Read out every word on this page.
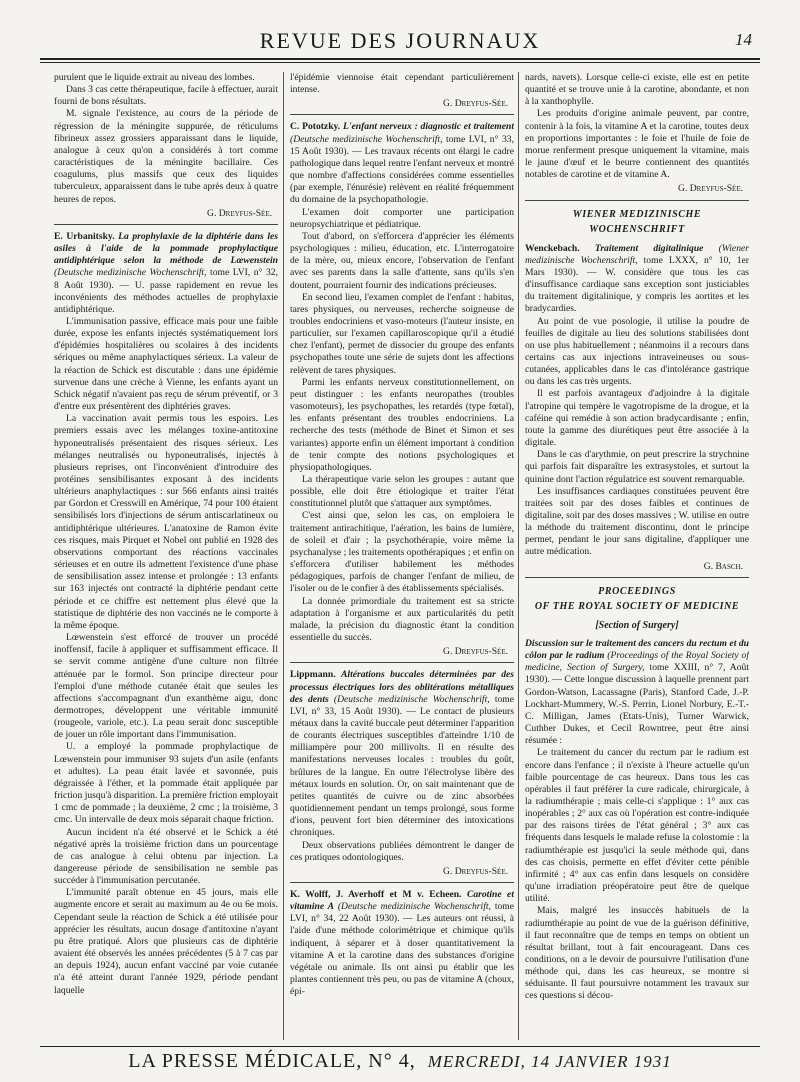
REVUE DES JOURNAUX	14

purulent que le liquide extrait au niveau des lombes.

Dans 3 cas cette thérapeutique, facile à effectuer, aurait fourni de bons résultats.

M. signale l'existence, au cours de la période de régression de la méningite suppurée, de réticulums fibrineux assez grossiers apparaissant dans le liquide, analogue à ceux qu'on a considérés à tort comme caractéristiques de la méningite bacillaire. Ces coagulums, plus massifs que ceux des liquides tuberculeux, apparaissent dans le tube après deux à quatre heures de repos.

G. Dreyfus-Sée.

E. Urbanitsky. La prophylaxie de la diphtérie dans les asiles à l'aide de la pommade prophylactique antidiphtérique selon la méthode de Lœwenstein (Deutsche medizinische Wochenschrift, tome LVI, n° 32, 8 Août 1930). — U. passe rapidement en revue les inconvénients des méthodes actuelles de prophylaxie antidiphtérique.

L'immunisation passive, efficace mais pour une faible durée, expose les enfants injectés systématiquement lors d'épidémies hospitalières ou scolaires à des incidents sériques ou même anaphylactiques sérieux. La valeur de la réaction de Schick est discutable : dans une épidémie survenue dans une crèche à Vienne, les enfants ayant un Schick négatif n'avaient pas reçu de sérum préventif, or 3 d'entre eux présentèrent des diphtéries graves.

La vaccination avait permis tous les espoirs. Les premiers essais avec les mélanges toxine-antitoxine hyponeutralisés présentaient des risques sérieux. Les mélanges neutralisés ou hyponeutralisés, injectés à plusieurs reprises, ont l'inconvénient d'introduire des protéines sensibilisantes exposant à des incidents ultérieurs anaphylactiques : sur 566 enfants ainsi traités par Gordon et Cresswill en Amérique, 74 pour 100 étaient sensibilisés lors d'injections de sérum antiscarlatineux ou antidiphtérique ultérieures. L'anatoxine de Ramon évite ces risques, mais Pirquet et Nobel ont publié en 1928 des observations comportant des réactions vaccinales sérieuses et en outre ils admettent l'existence d'une phase de sensibilisation assez intense et prolongée : 13 enfants sur 163 injectés ont contracté la diphtérie pendant cette période et ce chiffre est nettement plus élevé que la statistique de diphtérie des non vaccinés ne le comporte à la même époque.

Lœwenstein s'est efforcé de trouver un procédé inoffensif, facile à appliquer et suffisamment efficace. Il se servit comme antigène d'une culture non filtrée atténuée par le formol. Son principe directeur pour l'emploi d'une méthode cutanée était que seules les affections s'accompagnant d'un exanthème aigu, donc dermotropes, développent une véritable immunité (rougeole, variole, etc.). La peau serait donc susceptible de jouer un rôle important dans l'immunisation.

U. a employé la pommade prophylactique de Lœwenstein pour immuniser 93 sujets d'un asile (enfants et adultes). La peau était lavée et savonnée, puis dégraissée à l'éther, et la pommade était appliquée par friction jusqu'à disparition. La première friction employait 1 cmc de pommade ; la deuxième, 2 cmc ; la troisième, 3 cmc. Un intervalle de deux mois séparait chaque friction.

Aucun incident n'a été observé et le Schick a été négativé après la troisième friction dans un pourcentage de cas analogue à celui obtenu par injection. La dangereuse période de sensibilisation ne semble pas succéder à l'immunisation percutanée.

L'immunité paraît obtenue en 45 jours, mais elle augmente encore et serait au maximum au 4e ou 6e mois. Cependant seule la réaction de Schick a été utilisée pour apprécier les résultats, aucun dosage d'antitoxine n'ayant pu être pratiqué. Alors que plusieurs cas de diphtérie avaient été observés les années précédentes (5 à 7 cas par an depuis 1924), aucun enfant vacciné par voie cutanée n'a été atteint durant l'année 1929, période pendant laquelle

l'épidémie viennoise était cependant particulièrement intense.

G. Dreyfus-Sée.

C. Pototzky. L'enfant nerveux : diagnostic et traitement (Deutsche medizinische Wochenschrift, tome LVI, n° 33, 15 Août 1930). — Les travaux récents ont élargi le cadre pathologique dans lequel rentre l'enfant nerveux et montré que nombre d'affections considérées comme essentielles (par exemple, l'énurésie) relèvent en réalité fréquemment du domaine de la psychopathologie.

L'examen doit comporter une participation neuropsychiatrique et pédiatrique.

Tout d'abord, on s'efforcera d'apprécier les éléments psychologiques : milieu, éducation, etc. L'interrogatoire de la mère, ou, mieux encore, l'observation de l'enfant avec ses parents dans la salle d'attente, sans qu'ils s'en doutent, pourraient fournir des indications précieuses.

En second lieu, l'examen complet de l'enfant : habitus, tares physiques, ou nerveuses, recherche soigneuse de troubles endocriniens et vaso-moteurs (l'auteur insiste, en particulier, sur l'examen capillaroscopique qu'il a étudié chez l'enfant), permet de dissocier du groupe des enfants psychopathes toute une série de sujets dont les affections relèvent de tares physiques.

Parmi les enfants nerveux constitutionnellement, on peut distinguer : les enfants neuropathes (troubles vasomoteurs), les psychopathes, les retardés (type fœtal), les enfants présentant des troubles endocriniens. La recherche des tests (méthode de Binet et Simon et ses variantes) apporte enfin un élément important à condition de tenir compte des notions psychologiques et physiopathologiques.

La thérapeutique varie selon les groupes : autant que possible, elle doit être étiologique et traiter l'état constitutionnel plutôt que s'attaquer aux symptômes.

C'est ainsi que, selon les cas, on emploiera le traitement antirachitique, l'aération, les bains de lumière, de soleil et d'air ; la psychothérapie, voire même la psychanalyse ; les traitements opothérapiques ; et enfin on s'efforcera d'utiliser habilement les méthodes pédagogiques, parfois de changer l'enfant de milieu, de l'isoler ou de le confier à des établissements spécialisés.

La donnée primordiale du traitement est sa stricte adaptation à l'organisme et aux particularités du petit malade, la précision du diagnostic étant la condition essentielle du succès.

G. Dreyfus-Sée.

Lippmann. Altérations buccales déterminées par des processus électriques lors des oblitérations métalliques des dents (Deutsche medizinische Wochenschrift, tome LVI, n° 33, 15 Août 1930). — Le contact de plusieurs métaux dans la cavité buccale peut déterminer l'apparition de courants électriques susceptibles d'atteindre 1/10 de milliampère pour 200 millivolts. Il en résulte des manifestations nerveuses locales : troubles du goût, brûlures de la langue. En outre l'électrolyse libère des métaux lourds en solution. Or, on sait maintenant que de petites quantités de cuivre ou de zinc absorbées quotidiennement pendant un temps prolongé, sous forme d'ions, peuvent fort bien déterminer des intoxications chroniques.

Deux observations publiées démontrent le danger de ces pratiques odontologiques.

G. Dreyfus-Sée.

K. Wolff, J. Averhoff et M v. Echeen. Carotine et vitamine A (Deutsche medizinische Wochenschrift, tome LVI, n° 34, 22 Août 1930). — Les auteurs ont réussi, à l'aide d'une méthode colorimétrique et chimique qu'ils indiquent, à séparer et à doser quantitativement la vitamine A et la carotine dans des substances d'origine végétale ou animale. Ils ont ainsi pu établir que les plantes contiennent très peu, ou pas de vitamine A (choux, épi-

nards, navets). Lorsque celle-ci existe, elle est en petite quantité et se trouve unie à la carotine, abondante, et non à la xanthophylle.

Les produits d'origine animale peuvent, par contre, contenir à la fois, la vitamine A et la carotine, toutes deux en proportions importantes : le foie et l'huile de foie de morue renferment presque uniquement la vitamine, mais le jaune d'œuf et le beurre contiennent des quantités notables de carotine et de vitamine A.

G. Dreyfus-Sée.

WIENER MEDIZINISCHE
WOCHENSCHRIFT

Wenckebach. Traitement digitalinique (Wiener medizinische Wochenschrift, tome LXXX, n° 10, 1er Mars 1930). — W. considère que tous les cas d'insuffisance cardiaque sans exception sont justiciables du traitement digitalinique, y compris les aortites et les bradycardies.

Au point de vue posologie, il utilise la poudre de feuilles de digitale au lieu des solutions stabilisées dont on use plus habituellement ; néanmoins il a recours dans certains cas aux injections intraveineuses ou sous-cutanées, applicables dans le cas d'intolérance gastrique ou dans les cas très urgents.

Il est parfois avantageux d'adjoindre à la digitale l'atropine qui tempère le vagotropisme de la drogue, et la caféine qui remédie à son action bradycardisante ; enfin, toute la gamme des diurétiques peut être associée à la digitale.

Dans le cas d'arythmie, on peut prescrire la strychnine qui parfois fait disparaître les extrasystoles, et surtout la quinine dont l'action régulatrice est souvent remarquable.

Les insuffisances cardiaques constituées peuvent être traitées soit par des doses faibles et continues de digitaline, soit par des doses massives ; W. utilise en outre la méthode du traitement discontinu, dont le principe permet, pendant le jour sans digitaline, d'appliquer une autre médication.

G. Basch.

PROCEEDINGS
OF THE ROYAL SOCIETY OF MEDICINE
[Section of Surgery]

Discussion sur le traitement des cancers du rectum et du côlon par le radium (Proceedings of the Royal Society of medicine, Section of Surgery, tome XXIII, n° 7, Août 1930). — Cette longue discussion à laquelle prennent part Gordon-Watson, Lacassagne (Paris), Stanford Cade, J.-P. Lockhart-Mummery, W.-S. Perrin, Lionel Norbury, E.-T.-C. Milligan, James (Etats-Unis), Turner Warwick, Cuthber Dukes, et Cecil Rowntree, peut être ainsi résumée :

Le traitement du cancer du rectum par le radium est encore dans l'enfance ; il n'existe à l'heure actuelle qu'un faible pourcentage de cas heureux. Dans tous les cas opérables il faut préférer la cure radicale, chirurgicale, à la radiumthérapie ; mais celle-ci s'applique : 1° aux cas inopérables ; 2° aux cas où l'opération est contre-indiquée par des raisons tirées de l'état général ; 3° aux cas fréquents dans lesquels le malade refuse la colostomie : la radiumthérapie est jusqu'ici la seule méthode qui, dans des cas choisis, permette en effet d'éviter cette pénible infirmité ; 4° aux cas enfin dans lesquels on considère qu'une irradiation préopératoire peut être de quelque utilité.

Mais, malgré les insuccès habituels de la radiumthérapie au point de vue de la guérison définitive, il faut reconnaître que de temps en temps on obtient un résultat brillant, tout à fait encourageant. Dans ces conditions, on a le devoir de poursuivre l'utilisation d'une méthode qui, dans les cas heureux, se montre si séduisante. Il faut poursuivre notamment les travaux sur ces questions si décou-

LA PRESSE MÉDICALE, N° 4, MERCREDI, 14 JANVIER 1931
